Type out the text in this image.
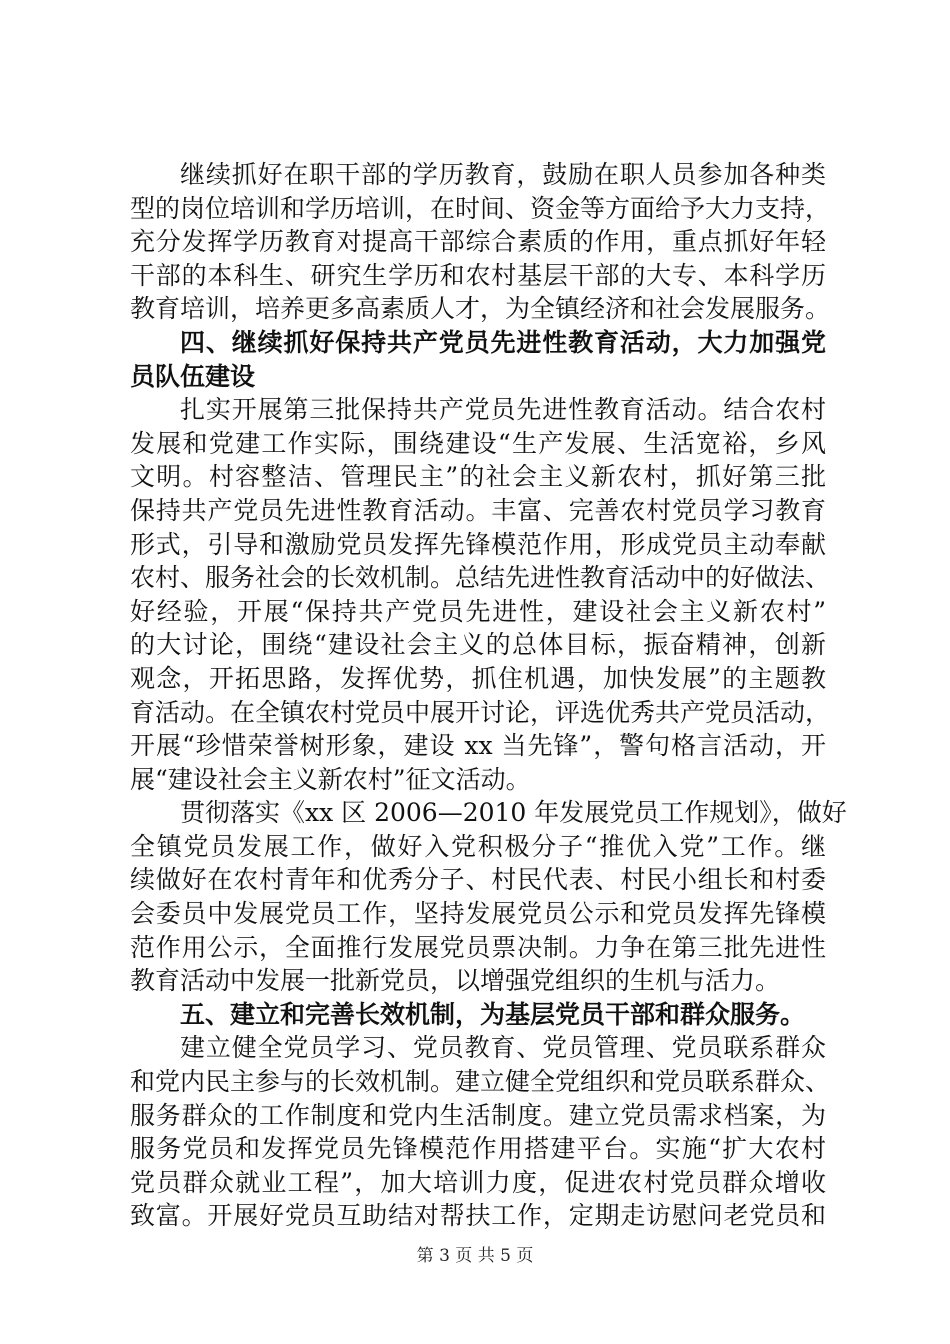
继续抓好在职干部的学历教育，鼓励在职人员参加各种类
型的岗位培训和学历培训，在时间、资金等方面给予大力支持，
充分发挥学历教育对提高干部综合素质的作用，重点抓好年轻
干部的本科生、研究生学历和农村基层干部的大专、本科学历
教育培训，培养更多高素质人才，为全镇经济和社会发展服务。
四、继续抓好保持共产党员先进性教育活动，大力加强党
员队伍建设
扎实开展第三批保持共产党员先进性教育活动。结合农村
发展和党建工作实际，围绕建设“生产发展、生活宽裕，乡风
文明。村容整洁、管理民主”的社会主义新农村，抓好第三批
保持共产党员先进性教育活动。丰富、完善农村党员学习教育
形式，引导和激励党员发挥先锋模范作用，形成党员主动奉献
农村、服务社会的长效机制。总结先进性教育活动中的好做法、
好经验，开展“保持共产党员先进性，建设社会主义新农村”
的大讨论，围绕“建设社会主义的总体目标，振奋精神，创新
观念，开拓思路，发挥优势，抓住机遇，加快发展”的主题教
育活动。在全镇农村党员中展开讨论，评选优秀共产党员活动，
开展“珍惜荣誉树形象，建设 xx 当先锋”，警句格言活动，开
展“建设社会主义新农村”征文活动。
贯彻落实《xx 区 2006—2010 年发展党员工作规划》，做好
全镇党员发展工作，做好入党积极分子“推优入党”工作。继
续做好在农村青年和优秀分子、村民代表、村民小组长和村委
会委员中发展党员工作，坚持发展党员公示和党员发挥先锋模
范作用公示，全面推行发展党员票决制。力争在第三批先进性
教育活动中发展一批新党员，以增强党组织的生机与活力。
五、建立和完善长效机制，为基层党员干部和群众服务。
建立健全党员学习、党员教育、党员管理、党员联系群众
和党内民主参与的长效机制。建立健全党组织和党员联系群众、
服务群众的工作制度和党内生活制度。建立党员需求档案，为
服务党员和发挥党员先锋模范作用搭建平台。实施“扩大农村
党员群众就业工程”，加大培训力度，促进农村党员群众增收
致富。开展好党员互助结对帮扶工作，定期走访慰问老党员和
第 3 页 共 5 页
